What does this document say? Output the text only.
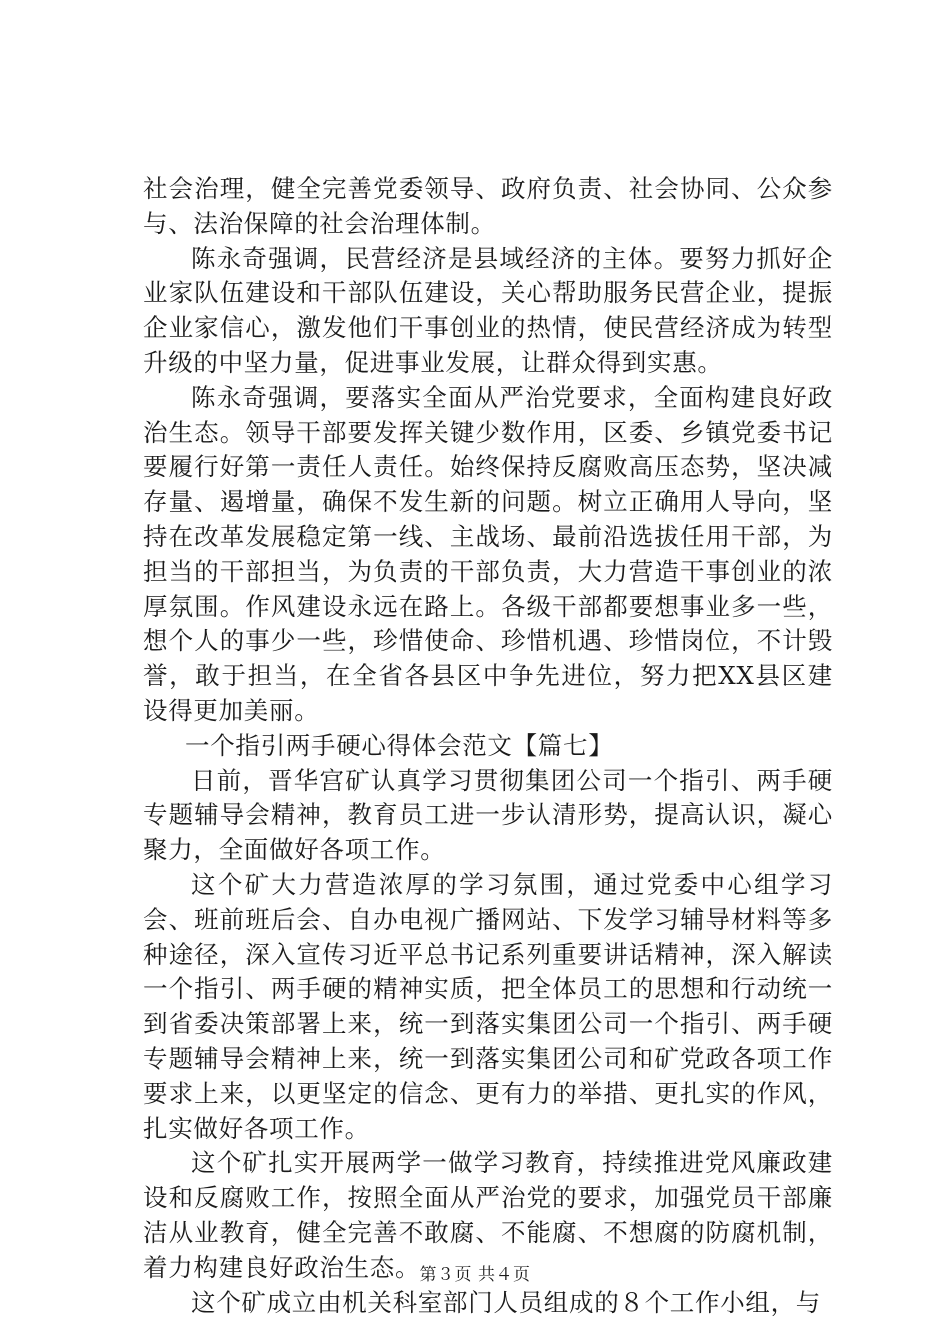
社会治理，健全完善党委领导、政府负责、社会协同、公众参与、法治保障的社会治理体制。

陈永奇强调，民营经济是县域经济的主体。要努力抓好企业家队伍建设和干部队伍建设，关心帮助服务民营企业，提振企业家信心，激发他们干事创业的热情，使民营经济成为转型升级的中坚力量，促进事业发展，让群众得到实惠。

陈永奇强调，要落实全面从严治党要求，全面构建良好政治生态。领导干部要发挥关键少数作用，区委、乡镇党委书记要履行好第一责任人责任。始终保持反腐败高压态势，坚决减存量、遏增量，确保不发生新的问题。树立正确用人导向，坚持在改革发展稳定第一线、主战场、最前沿选拔任用干部，为担当的干部担当，为负责的干部负责，大力营造干事创业的浓厚氛围。作风建设永远在路上。各级干部都要想事业多一些，想个人的事少一些，珍惜使命、珍惜机遇、珍惜岗位，不计毁誉，敢于担当，在全省各县区中争先进位，努力把XX县区建设得更加美丽。

一个指引两手硬心得体会范文【篇七】

日前，晋华宫矿认真学习贯彻集团公司一个指引、两手硬专题辅导会精神，教育员工进一步认清形势，提高认识，凝心聚力，全面做好各项工作。

这个矿大力营造浓厚的学习氛围，通过党委中心组学习会、班前班后会、自办电视广播网站、下发学习辅导材料等多种途径，深入宣传习近平总书记系列重要讲话精神，深入解读一个指引、两手硬的精神实质，把全体员工的思想和行动统一到省委决策部署上来，统一到落实集团公司一个指引、两手硬专题辅导会精神上来，统一到落实集团公司和矿党政各项工作要求上来，以更坚定的信念、更有力的举措、更扎实的作风，扎实做好各项工作。

这个矿扎实开展两学一做学习教育，持续推进党风廉政建设和反腐败工作，按照全面从严治党的要求，加强党员干部廉洁从业教育，健全完善不敢腐、不能腐、不想腐的防腐机制，着力构建良好政治生态。

这个矿成立由机关科室部门人员组成的８个工作小组，与

第３页 共４页
